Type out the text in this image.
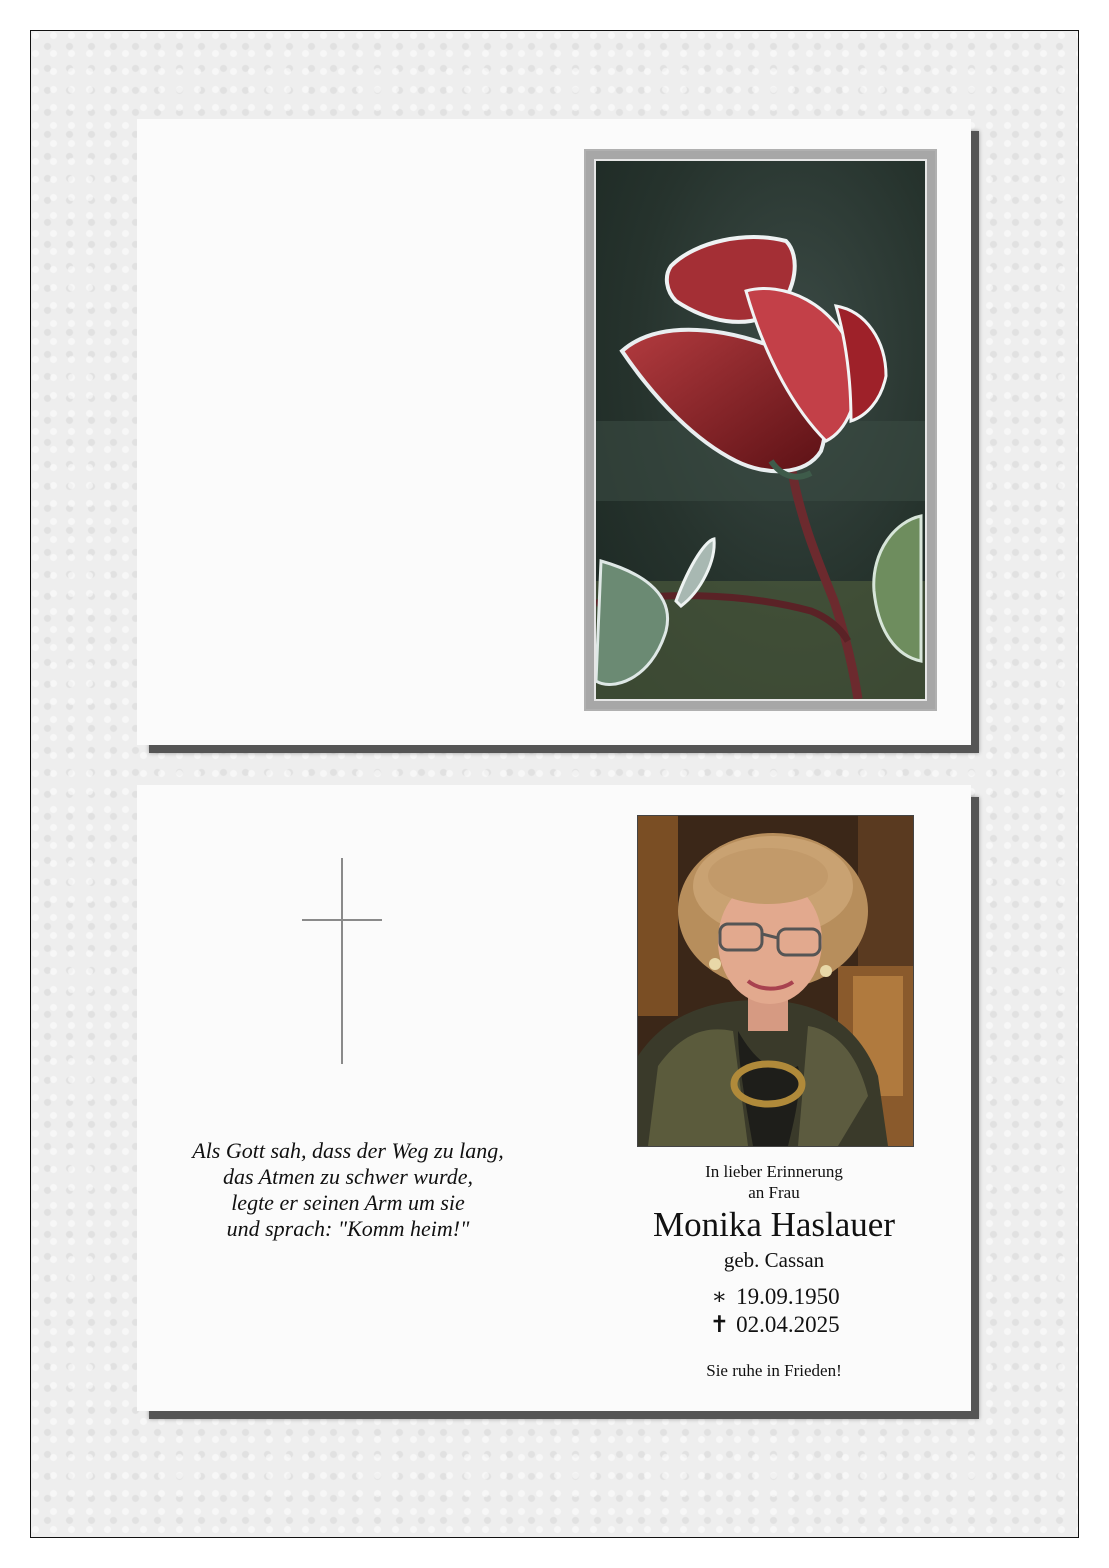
Als Gott sah, dass der Weg zu lang,
das Atmen zu schwer wurde,
legte er seinen Arm um sie
und sprach: "Komm heim!"
In lieber Erinnerung
an Frau
Monika Haslauer
geb. Cassan
∗ 19.09.1950
✝ 02.04.2025
Sie ruhe in Frieden!
